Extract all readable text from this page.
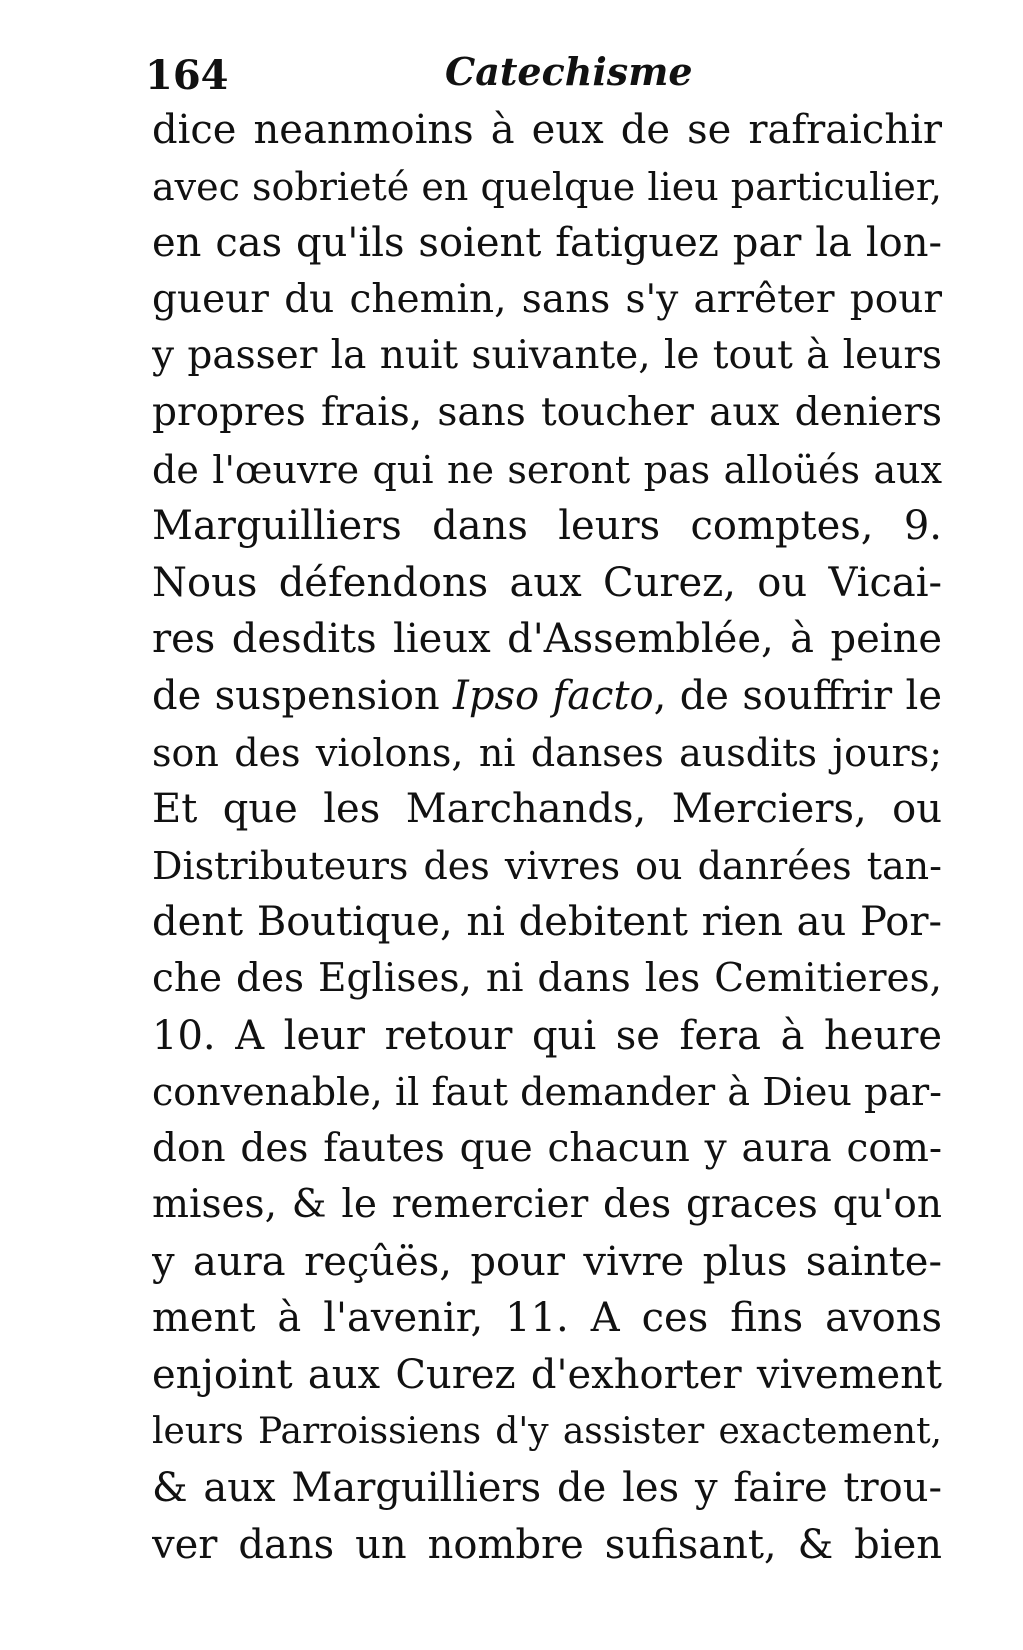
164	Catechisme
dice neanmoins à eux de se rafraichir
avec sobrieté en quelque lieu particulier,
en cas qu'ils soient fatiguez par la lon-
gueur du chemin, sans s'y arrêter pour
y passer la nuit suivante, le tout à leurs
propres frais, sans toucher aux deniers
de l'œuvre qui ne seront pas alloüés aux
Marguilliers dans leurs comptes, 9.
Nous défendons aux Curez, ou Vicai-
res desdits lieux d'Assemblée, à peine
de suspension Ipso facto, de souffrir le
son des violons, ni danses ausdits jours;
Et que les Marchands, Merciers, ou
Distributeurs des vivres ou danrées tan-
dent Boutique, ni debitent rien au Por-
che des Eglises, ni dans les Cemitieres,
10. A leur retour qui se fera à heure
convenable, il faut demander à Dieu par-
don des fautes que chacun y aura com-
mises, & le remercier des graces qu'on
y aura reçûës, pour vivre plus sainte-
ment à l'avenir, 11. A ces fins avons
enjoint aux Curez d'exhorter vivement
leurs Parroissiens d'y assister exactement,
& aux Marguilliers de les y faire trou-
ver dans un nombre sufisant, & bien
